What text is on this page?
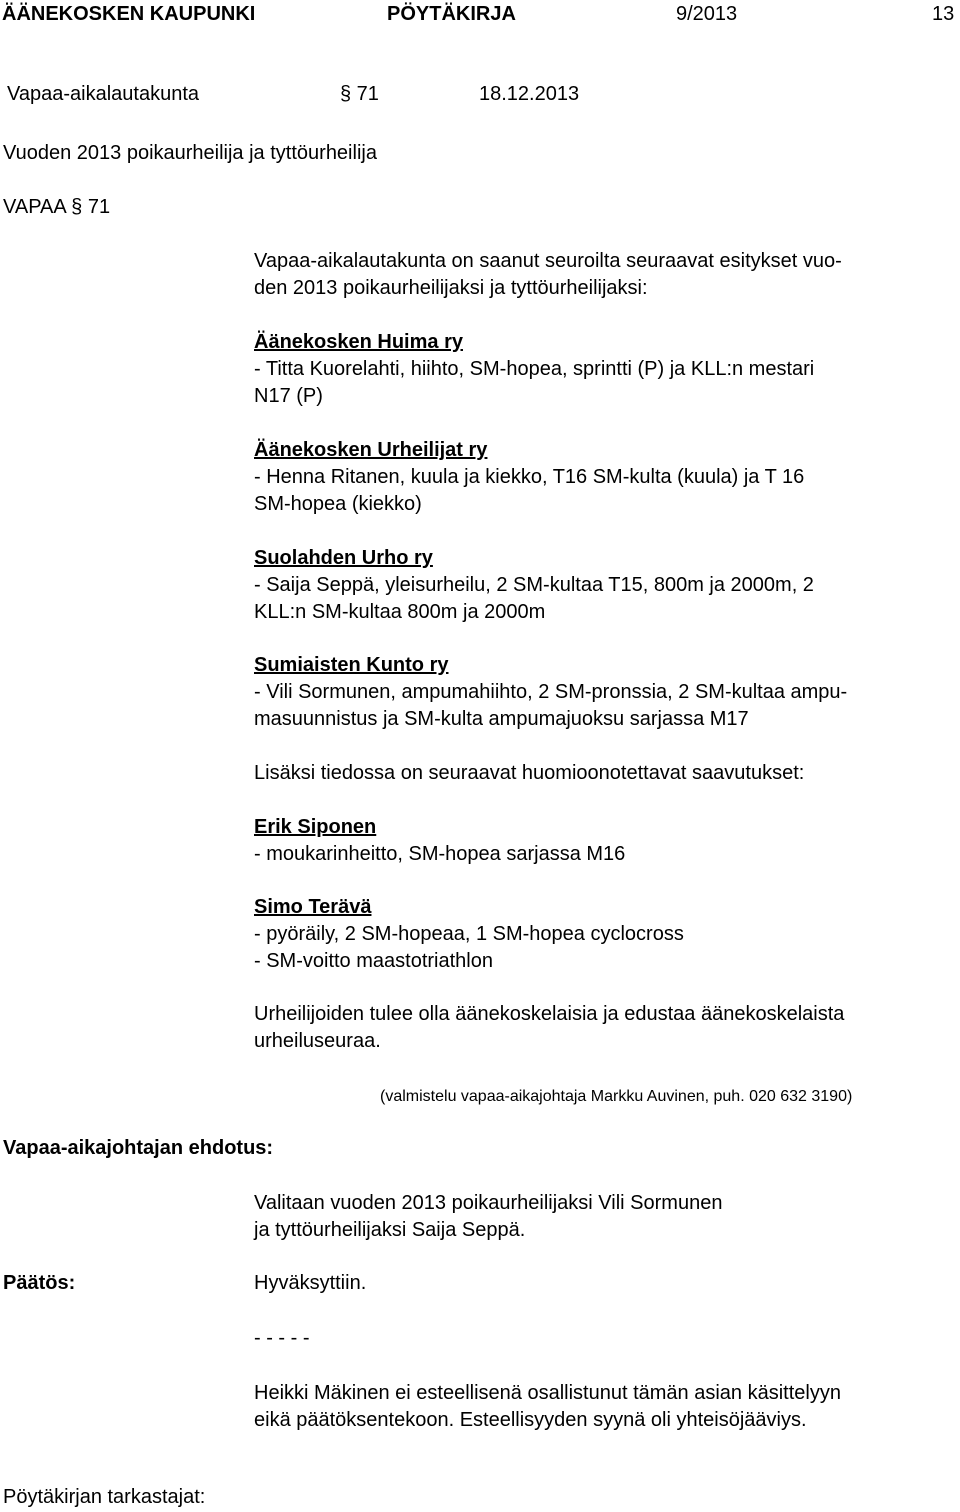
ÄÄNEKOSKEN KAUPUNKI	PÖYTÄKIRJA	9/2013	13
Vapaa-aikalautakunta	§ 71	18.12.2013
Vuoden 2013 poikaurheilija ja tyttöurheilija
VAPAA § 71
Vapaa-aikalautakunta on saanut seuroilta seuraavat esitykset vuo-
den 2013 poikaurheilijaksi ja tyttöurheilijaksi:
Äänekosken Huima ry
- Titta Kuorelahti, hiihto, SM-hopea, sprintti (P) ja KLL:n mestari
N17 (P)
Äänekosken Urheilijat ry
- Henna Ritanen, kuula ja kiekko, T16 SM-kulta (kuula) ja T 16
SM-hopea (kiekko)
Suolahden Urho ry
- Saija Seppä, yleisurheilu, 2 SM-kultaa T15, 800m ja 2000m, 2
KLL:n SM-kultaa 800m ja 2000m
Sumiaisten Kunto ry
- Vili Sormunen, ampumahiihto, 2 SM-pronssia, 2 SM-kultaa ampu-
masuunnistus ja SM-kulta ampumajuoksu sarjassa M17
Lisäksi tiedossa on seuraavat huomioonotettavat saavutukset:
Erik Siponen
- moukarinheitto, SM-hopea sarjassa M16
Simo Terävä
- pyöräily, 2 SM-hopeaa, 1 SM-hopea cyclocross
- SM-voitto maastotriathlon
Urheilijoiden tulee olla äänekoskelaisia ja edustaa äänekoskelaista
urheiluseuraa.
(valmistelu vapaa-aikajohtaja Markku Auvinen, puh. 020 632 3190)
Vapaa-aikajohtajan ehdotus:
Valitaan vuoden 2013 poikaurheilijaksi Vili Sormunen
ja tyttöurheilijaksi Saija Seppä.
Päätös:	Hyväksyttiin.
- - - - -
Heikki Mäkinen ei esteellisenä osallistunut tämän asian käsittelyyn
eikä päätöksentekoon. Esteellisyyden syynä oli yhteisöjääviys.
Pöytäkirjan tarkastajat:
